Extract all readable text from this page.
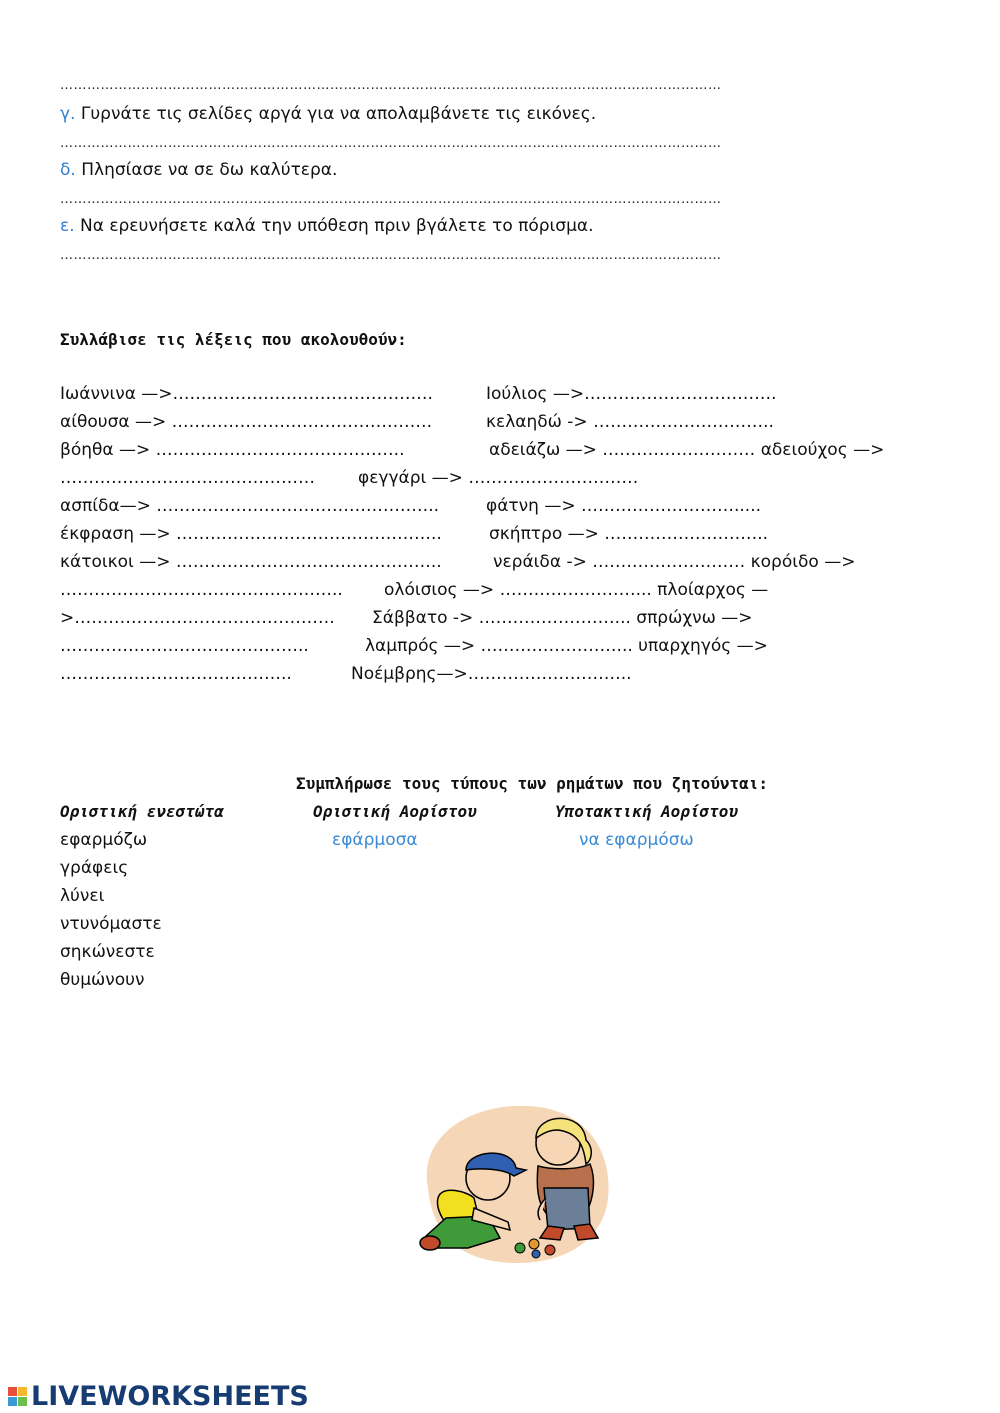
…………………………………………………………………………………………………………………………………
γ. Γυρνάτε τις σελίδες αργά για να απολαμβάνετε τις εικόνες.
…………………………………………………………………………………………………………………………………
δ. Πλησίασε να σε δω καλύτερα.
…………………………………………………………………………………………………………………………………
ε. Να ερευνήσετε καλά την υπόθεση πριν βγάλετε το πόρισμα.
…………………………………………………………………………………………………………………………………
Συλλάβισε τις λέξεις που ακολουθούν:
Ιωάννινα —>……………………………………….	Ιούλιος —>…………………………….
αίθουσα —> ……………………………………….	κελαηδώ -> …………………………..
βόηθα —> ……………………………………..	αδειάζω —> ……………………… αδειούχος —>
………………………………………	φεγγάρι —> …………………………
ασπίδα—> …………………………………………..	φάτνη —> ……………………….....
έκφραση —> ………………………………………..	σκήπτρο —> ………………………..
κάτοικοι —> ………………………………………..	νεράιδα -> ……………………… κορόιδο —>
………………………………………….. ολόισιος —> ……………………... πλοίαρχος —
>………………………………………. Σάββατο -> ……………………... σπρώχνω —>
……………………………………..	λαμπρός —> ……………………... υπαρχηγός —>
…………………………………..	Νοέμβρης—>………………………..
Συμπλήρωσε τους τύπους των ρημάτων που ζητούνται:
Οριστική ενεστώτα	Οριστική Αορίστου	Υποτακτική Αορίστου
εφαρμόζω	εφάρμοσα	να εφαρμόσω
γράφεις
λύνει
ντυνόμαστε
σηκώνεστε
θυμώνουν
LIVEWORKSHEETS
